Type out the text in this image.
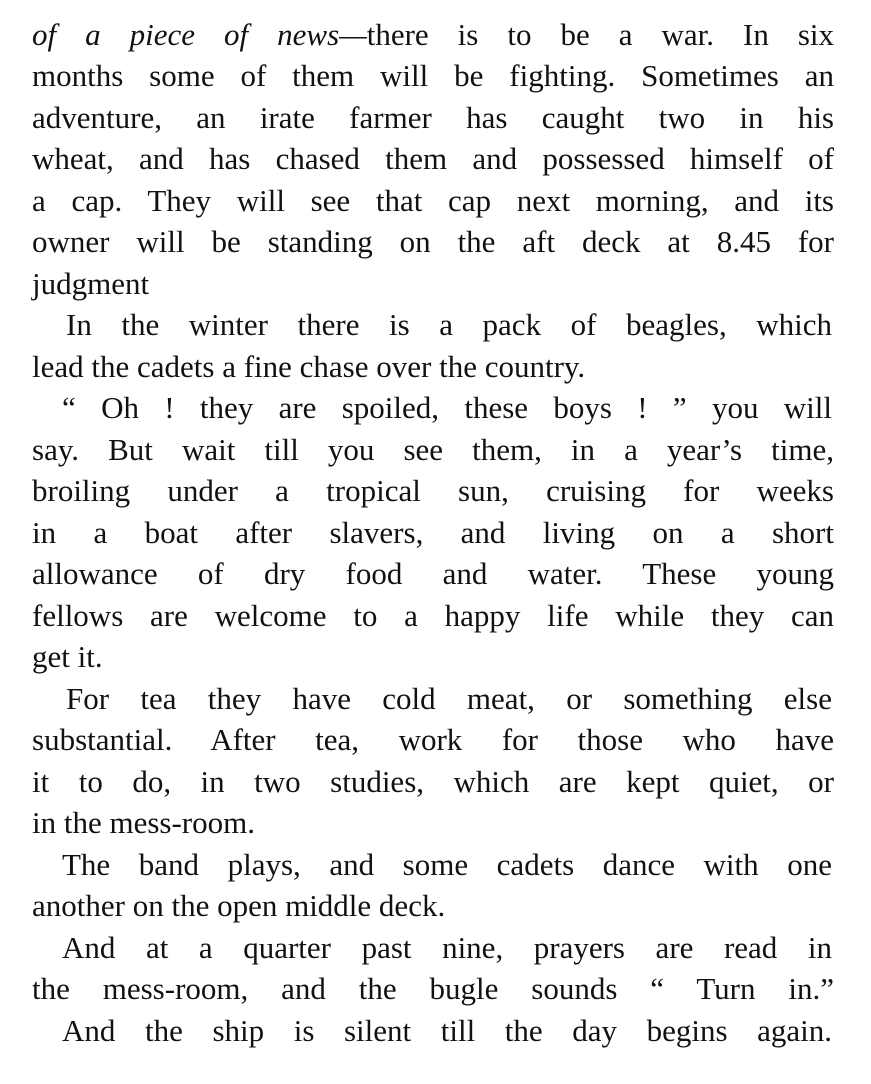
of a piece of news—there is to be a war. In six
months some of them will be fighting. Sometimes an
adventure, an irate farmer has caught two in his
wheat, and has chased them and possessed himself of
a cap. They will see that cap next morning, and its
owner will be standing on the aft deck at 8.45 for
judgment
In the winter there is a pack of beagles, which
lead the cadets a fine chase over the country.
“ Oh ! they are spoiled, these boys ! ” you will
say. But wait till you see them, in a year’s time,
broiling under a tropical sun, cruising for weeks
in a boat after slavers, and living on a short
allowance of dry food and water. These young
fellows are welcome to a happy life while they can
get it.
For tea they have cold meat, or something else
substantial. After tea, work for those who have
it to do, in two studies, which are kept quiet, or
in the mess-room.
The band plays, and some cadets dance with one
another on the open middle deck.
And at a quarter past nine, prayers are read in
the mess-room, and the bugle sounds “ Turn in.”
And the ship is silent till the day begins again.
